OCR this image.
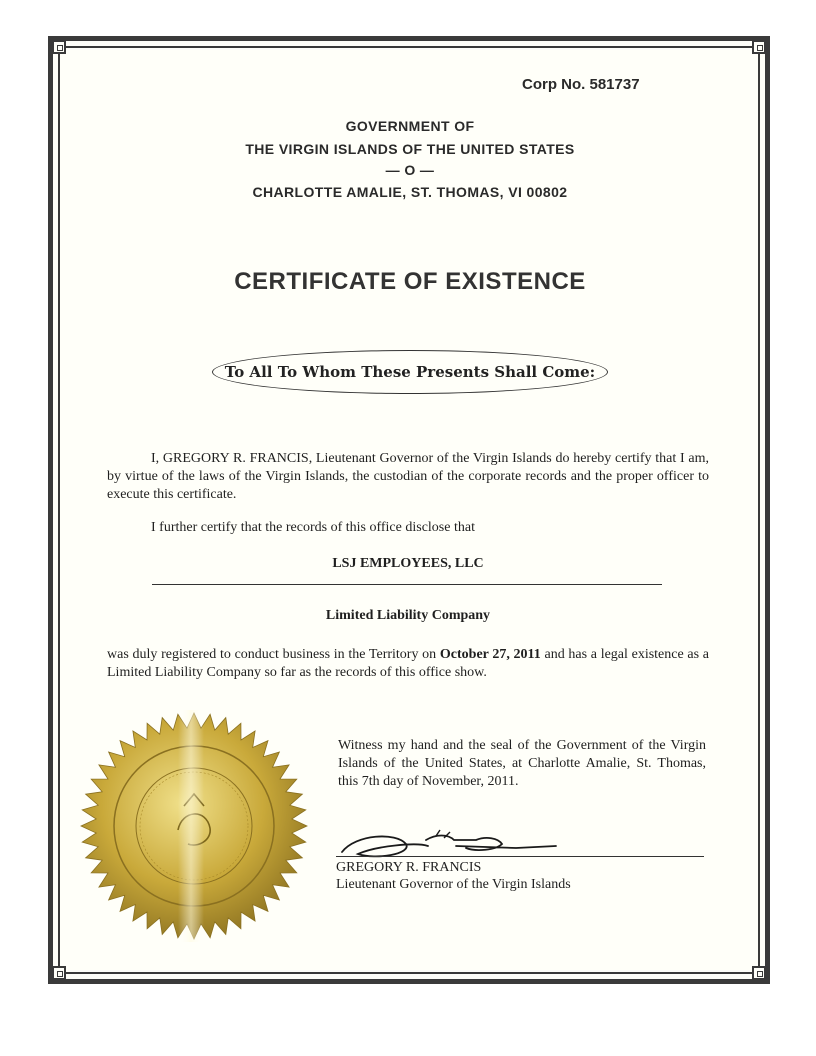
Corp No. 581737
GOVERNMENT OF
THE VIRGIN ISLANDS OF THE UNITED STATES
— O —
CHARLOTTE AMALIE, ST. THOMAS, VI 00802
CERTIFICATE OF EXISTENCE
To All To Whom These Presents Shall Come:
I, GREGORY R. FRANCIS, Lieutenant Governor of the Virgin Islands do hereby certify that I am, by virtue of the laws of the Virgin Islands, the custodian of the corporate records and the proper officer to execute this certificate.
I further certify that the records of this office disclose that
LSJ EMPLOYEES, LLC
Limited Liability Company
was duly registered to conduct business in the Territory on October 27, 2011 and has a legal existence as a Limited Liability Company so far as the records of this office show.
Witness my hand and the seal of the Government of the Virgin Islands of the United States, at Charlotte Amalie, St. Thomas, this 7th day of November, 2011.
GREGORY R. FRANCIS
Lieutenant Governor of the Virgin Islands
